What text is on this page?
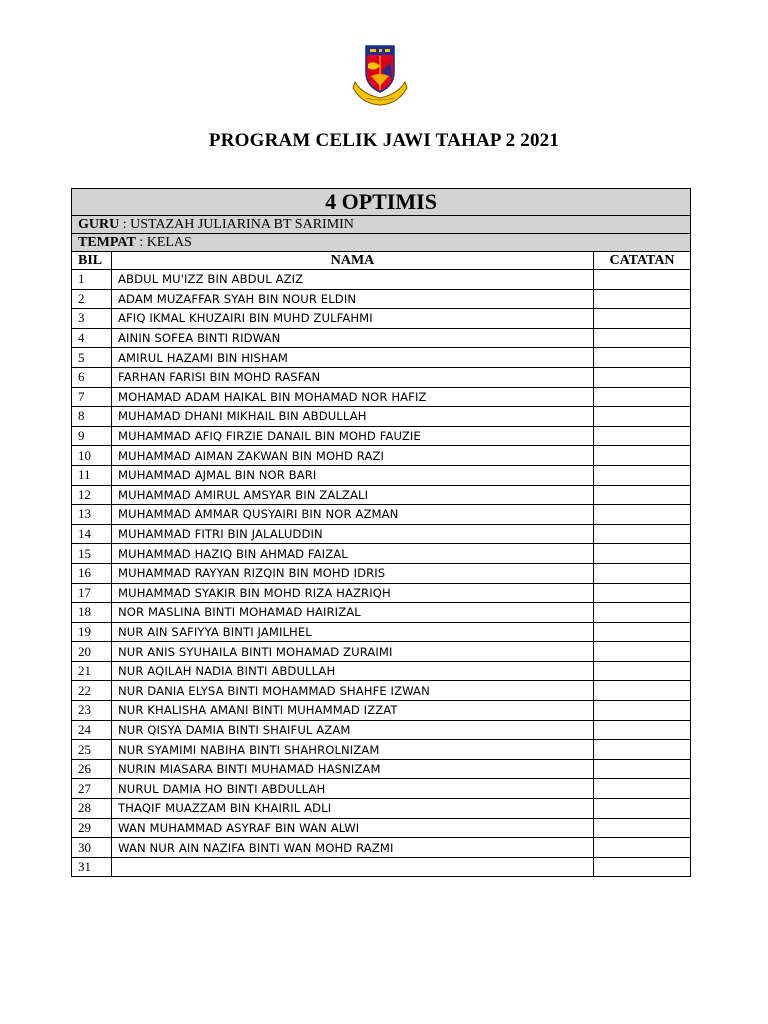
PROGRAM CELIK JAWI TAHAP 2 2021
4 OPTIMIS		
GURU : USTAZAH JULIARINA BT SARIMIN		
TEMPAT : KELAS		
BIL	NAMA	CATATAN
1	ABDUL MU'IZZ BIN ABDUL AZIZ	
2	ADAM MUZAFFAR SYAH BIN NOUR ELDIN	
3	AFIQ IKMAL KHUZAIRI BIN MUHD ZULFAHMI	
4	AININ SOFEA BINTI RIDWAN	
5	AMIRUL HAZAMI BIN HISHAM	
6	FARHAN FARISI BIN MOHD RASFAN	
7	MOHAMAD ADAM HAIKAL BIN MOHAMAD NOR HAFIZ	
8	MUHAMAD DHANI MIKHAIL BIN ABDULLAH	
9	MUHAMMAD AFIQ FIRZIE DANAIL BIN MOHD FAUZIE	
10	MUHAMMAD AIMAN ZAKWAN BIN MOHD RAZI	
11	MUHAMMAD AJMAL BIN NOR BARI	
12	MUHAMMAD AMIRUL AMSYAR BIN ZALZALI	
13	MUHAMMAD AMMAR QUSYAIRI BIN NOR AZMAN	
14	MUHAMMAD FITRI BIN JALALUDDIN	
15	MUHAMMAD HAZIQ BIN AHMAD FAIZAL	
16	MUHAMMAD RAYYAN RIZQIN BIN MOHD IDRIS	
17	MUHAMMAD SYAKIR BIN MOHD RIZA HAZRIQH	
18	NOR MASLINA BINTI MOHAMAD HAIRIZAL	
19	NUR AIN SAFIYYA BINTI JAMILHEL	
20	NUR ANIS SYUHAILA BINTI MOHAMAD ZURAIMI	
21	NUR AQILAH NADIA BINTI ABDULLAH	
22	NUR DANIA ELYSA BINTI MOHAMMAD SHAHFE IZWAN	
23	NUR KHALISHA AMANI BINTI MUHAMMAD IZZAT	
24	NUR QISYA DAMIA BINTI SHAIFUL AZAM	
25	NUR SYAMIMI NABIHA BINTI SHAHROLNIZAM	
26	NURIN MIASARA BINTI MUHAMAD HASNIZAM	
27	NURUL DAMIA HO BINTI ABDULLAH	
28	THAQIF MUAZZAM BIN KHAIRIL ADLI	
29	WAN MUHAMMAD ASYRAF BIN WAN ALWI	
30	WAN NUR AIN NAZIFA BINTI WAN MOHD RAZMI	
31		
